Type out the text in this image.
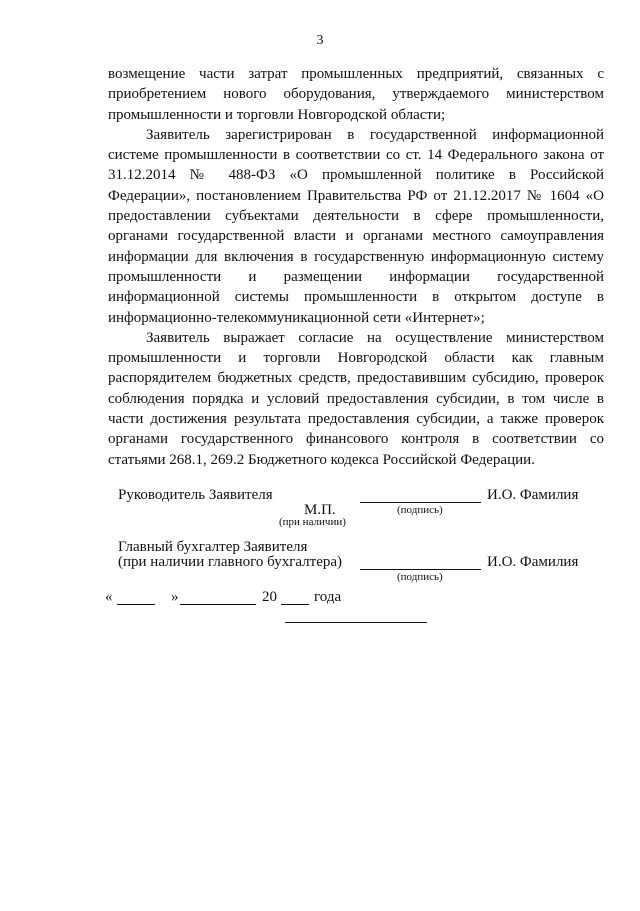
3

возмещение части затрат промышленных предприятий, связанных с приобретением нового оборудования, утверждаемого министерством промышленности и торговли Новгородской области;

Заявитель зарегистрирован в государственной информационной системе промышленности в соответствии со ст. 14 Федерального закона от 31.12.2014 № 488-ФЗ «О промышленной политике в Российской Федерации», постановлением Правительства РФ от 21.12.2017 № 1604 «О предоставлении субъектами деятельности в сфере промышленности, органами государственной власти и органами местного самоуправления информации для включения в государственную информационную систему промышленности и размещении информации государственной информационной системы промышленности в открытом доступе в информационно-телекоммуникационной сети «Интернет»;

Заявитель выражает согласие на осуществление министерством промышленности и торговли Новгородской области как главным распорядителем бюджетных средств, предоставившим субсидию, проверок соблюдения порядка и условий предоставления субсидии, в том числе в части достижения результата предоставления субсидии, а также проверок органами государственного финансового контроля в соответствии со статьями 268.1, 269.2 Бюджетного кодекса Российской Федерации.

Руководитель Заявителя	И.О. Фамилия
М.П.	(подпись)
(при наличии)
Главный бухгалтер Заявителя
(при наличии главного бухгалтера)	И.О. Фамилия
(подпись)
«	»	20 года
